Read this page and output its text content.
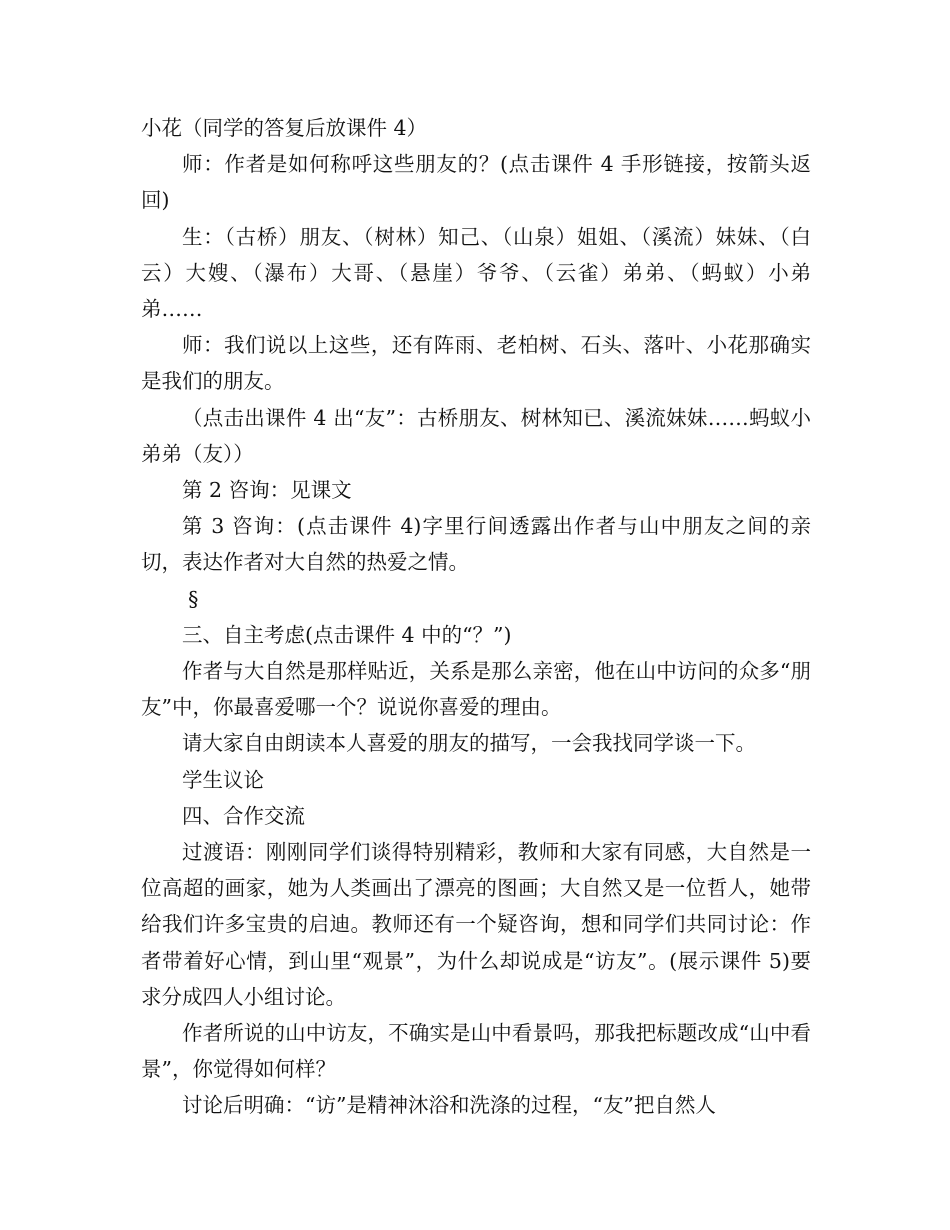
小花（同学的答复后放课件 4）

师：作者是如何称呼这些朋友的？(点击课件 4 手形链接，按箭头返回)

生：（古桥）朋友、（树林）知己、（山泉）姐姐、（溪流）妹妹、（白云）大嫂、（瀑布）大哥、（悬崖）爷爷、（云雀）弟弟、（蚂蚁）小弟弟……

师：我们说以上这些，还有阵雨、老柏树、石头、落叶、小花那确实是我们的朋友。

（点击出课件 4 出“友”：古桥朋友、树林知已、溪流妹妹……蚂蚁小弟弟（友））

第 2 咨询：见课文

第 3 咨询：(点击课件 4)字里行间透露出作者与山中朋友之间的亲切，表达作者对大自然的热爱之情。

§

三、自主考虑(点击课件 4 中的“？”)

作者与大自然是那样贴近，关系是那么亲密，他在山中访问的众多“朋友”中，你最喜爱哪一个？说说你喜爱的理由。

请大家自由朗读本人喜爱的朋友的描写，一会我找同学谈一下。

学生议论

四、合作交流

过渡语：刚刚同学们谈得特别精彩，教师和大家有同感，大自然是一位高超的画家，她为人类画出了漂亮的图画；大自然又是一位哲人，她带给我们许多宝贵的启迪。教师还有一个疑咨询，想和同学们共同讨论：作者带着好心情，到山里“观景”，为什么却说成是“访友”。(展示课件 5)要求分成四人小组讨论。

作者所说的山中访友，不确实是山中看景吗，那我把标题改成“山中看景”，你觉得如何样？

讨论后明确：“访”是精神沐浴和洗涤的过程，“友”把自然人
